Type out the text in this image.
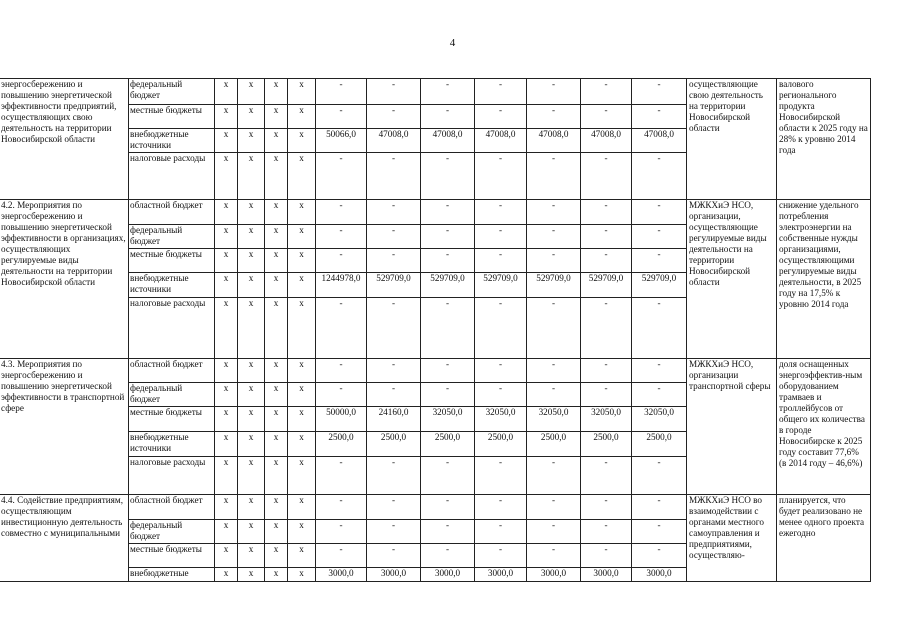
4
энергосбережению и повышению энергетической эффективности предприятий, осуществляющих свою деятельность на территории Новосибирской области	федеральный бюджет	x	x	x	x	-	-	-	-	-	-	-	осуществляющие свою деятельность на территории Новосибирской области	валового регионального продукта Новосибирской области к 2025 году на 28% к уровню 2014 года
	местные бюджеты	x	x	x	x	-	-	-	-	-	-	-		
	внебюджетные источники	x	x	x	x	50066,0	47008,0	47008,0	47008,0	47008,0	47008,0	47008,0		
	налоговые расходы	x	x	x	x	-	-	-	-	-	-	-		
4.2. Мероприятия по энергосбережению и повышению энергетической эффективности в организациях, осуществляющих регулируемые виды деятельности на территории Новосибирской области	областной бюджет	x	x	x	x	-	-	-	-	-	-	-	МЖКХиЭ НСО, организации, осуществляющие регулируемые виды деятельности на территории Новосибирской области	снижение удельного потребления электроэнергии на собственные нужды организациями, осуществляющими регулируемые виды деятельности, в 2025 году на 17,5% к уровню 2014 года
	федеральный бюджет	x	x	x	x	-	-	-	-	-	-	-		
	местные бюджеты	x	x	x	x	-	-	-	-	-	-	-		
	внебюджетные источники	x	x	x	x	1244978,0	529709,0	529709,0	529709,0	529709,0	529709,0	529709,0		
	налоговые расходы	x	x	x	x	-	-	-	-	-	-	-		
4.3. Мероприятия по энергосбережению и повышению энергетической эффективности в транспортной сфере	областной бюджет	x	x	x	x	-	-	-	-	-	-	-	МЖКХиЭ НСО, организации транспортной сферы	доля оснащенных энергоэффектив-ным оборудованием трамваев и троллейбусов от общего их количества в городе Новосибирске к 2025 году составит 77,6% (в 2014 году – 46,6%)
	федеральный бюджет	x	x	x	x	-	-	-	-	-	-	-		
	местные бюджеты	x	x	x	x	50000,0	24160,0	32050,0	32050,0	32050,0	32050,0	32050,0		
	внебюджетные источники	x	x	x	x	2500,0	2500,0	2500,0	2500,0	2500,0	2500,0	2500,0		
	налоговые расходы	x	x	x	x	-	-	-	-	-	-	-		
4.4. Содействие предприятиям, осуществляющим инвестиционную деятельность совместно с муниципальными	областной бюджет	x	x	x	x	-	-	-	-	-	-	-	МЖКХиЭ НСО во взаимодействии с органами местного самоуправления и предприятиями, осуществляю-	планируется, что будет реализовано не менее одного проекта ежегодно
	федеральный бюджет	x	x	x	x	-	-	-	-	-	-	-		
	местные бюджеты	x	x	x	x	-	-	-	-	-	-	-		
	внебюджетные	x	x	x	x	3000,0	3000,0	3000,0	3000,0	3000,0	3000,0	3000,0		
